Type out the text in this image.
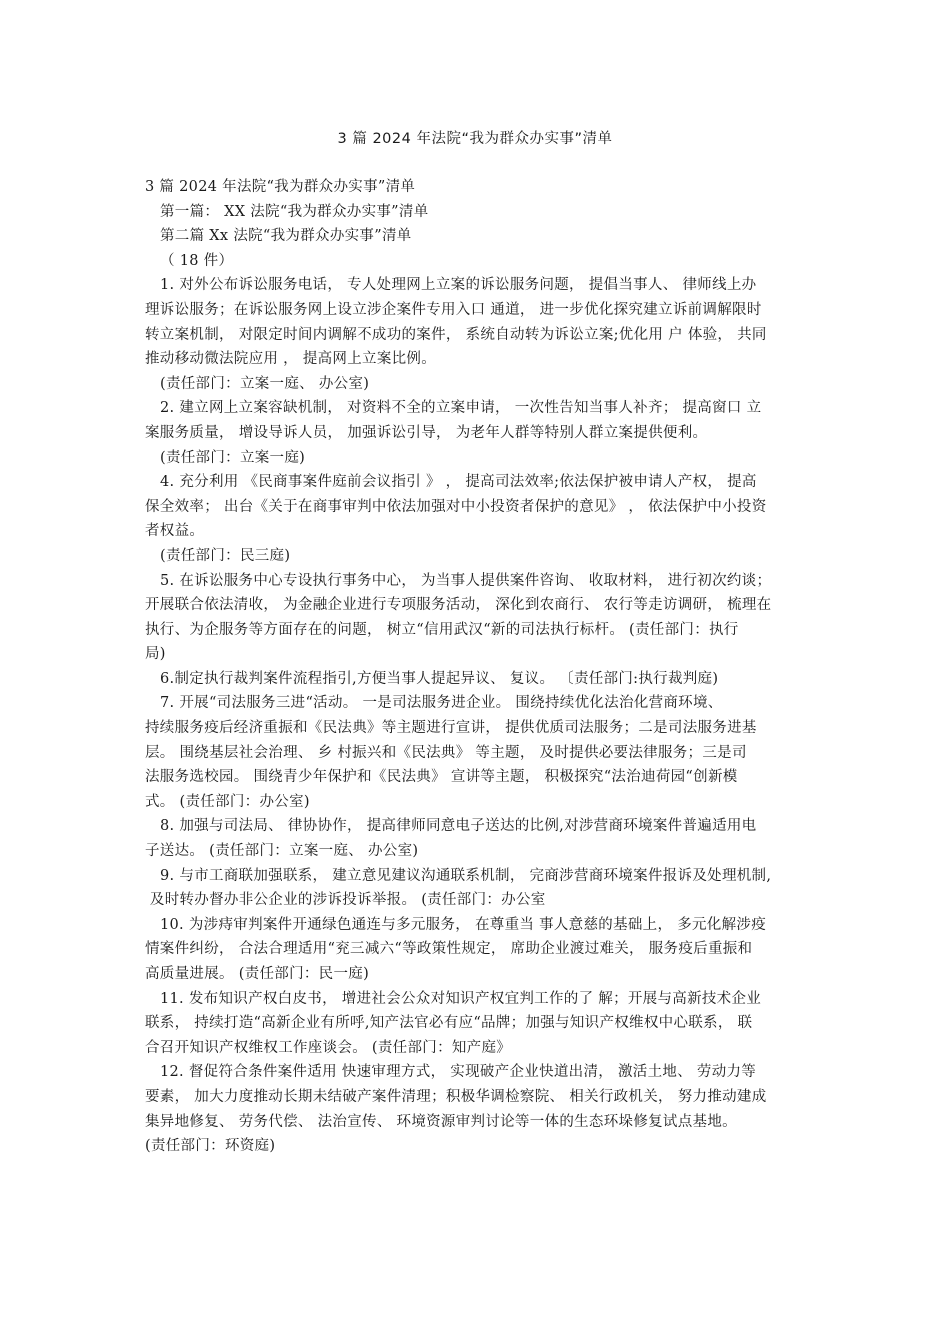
3 篇 2024 年法院“我为群众办实事”清单

3 篇 2024 年法院“我为群众办实事”清单

第一篇： XX 法院“我为群众办实事”清单

第二篇 Xx 法院“我为群众办实事”清单

（ 18 件）

1. 对外公布诉讼服务电话， 专人处理网上立案的诉讼服务问题， 提倡当事人、 律师线上办

理诉讼服务；在诉讼服务网上设立涉企案件专用入口 通道， 进一步优化探究建立诉前调解限时

转立案机制， 对限定时间内调解不成功的案件， 系统自动转为诉讼立案;优化用 户 体验， 共同

推动移动微法院应用 ， 提高网上立案比例。

(责任部门：立案一庭、 办公室)

2. 建立网上立案容缺机制， 对资料不全的立案申请， 一次性告知当事人补齐； 提高窗口 立

案服务质量， 增设导诉人员， 加强诉讼引导， 为老年人群等特别人群立案提供便利。

(责任部门：立案一庭)

4. 充分利用 《民商事案件庭前会议指引 》 ， 提高司法效率;依法保护被申请人产权， 提高

保全效率； 出台《关于在商事审判中依法加强对中小投资者保护的意见》 ， 依法保护中小投资

者权益。

(责任部门：民三庭)

5. 在诉讼服务中心专设执行事务中心， 为当事人提供案件咨询、 收取材料， 进行初次约谈；

开展联合依法清收， 为金融企业进行专项服务活动， 深化到农商行、 农行等走访调研， 梳理在

执行、为企服务等方面存在的问题， 树立“信用武汉“新的司法执行标杆。 (责任部门：执行

局)

6.制定执行裁判案件流程指引,方便当事人提起异议、 复议。 〔责任部门:执行裁判庭)

7. 开展“司法服务三进“活动。 一是司法服务进企业。 围绕持续优化法治化营商环境、

持续服务疫后经济重振和《民法典》等主题进行宣讲， 提供优质司法服务；二是司法服务进基

层。 围绕基层社会治理、 乡 村振兴和《民法典》 等主题， 及时提供必要法律服务；三是司

法服务选校园。 围绕青少年保护和《民法典》 宣讲等主题， 积极探究“法治迪荷园“创新模

式。 (责任部门：办公室)

8. 加强与司法局、 律协协作， 提高律师同意电子送达的比例,对涉营商环境案件普遍适用电

子送达。 (责任部门：立案一庭、 办公室)

9. 与市工商联加强联系， 建立意见建议沟通联系机制， 完商涉营商环境案件报诉及处理机制,

及时转办督办非公企业的涉诉投诉举报。 (责任部门：办公室

10. 为涉痔审判案件开通绿色通连与多元服务， 在尊重当 事人意慈的基础上， 多元化解涉疫

情案件纠纷， 合法合理适用“兖三减六“等政策性规定， 席助企业渡过难关， 服务疫后重振和

高质量进展。 (责任部门：民一庭)

11. 发布知识产权白皮书， 增进社会公众对知识产权宜判工作的了 解；开展与高新技术企业

联系， 持续打造“高新企业有所呼,知产法官必有应“品牌；加强与知识产权维权中心联系， 联

合召开知识产权维权工作座谈会。 (责任部门：知产庭》

12. 督促符合条件案件适用 快速审理方式， 实现破产企业快道出清， 激活土地、 劳动力等

要素， 加大力度推动长期未结破产案件清理；积极华调检察院、 相关行政机关， 努力推动建成

集异地修复、 劳务代偿、 法治宣传、 环境资源审判讨论等一体的生态环垛修复试点基地。

(责任部门：环资庭)
